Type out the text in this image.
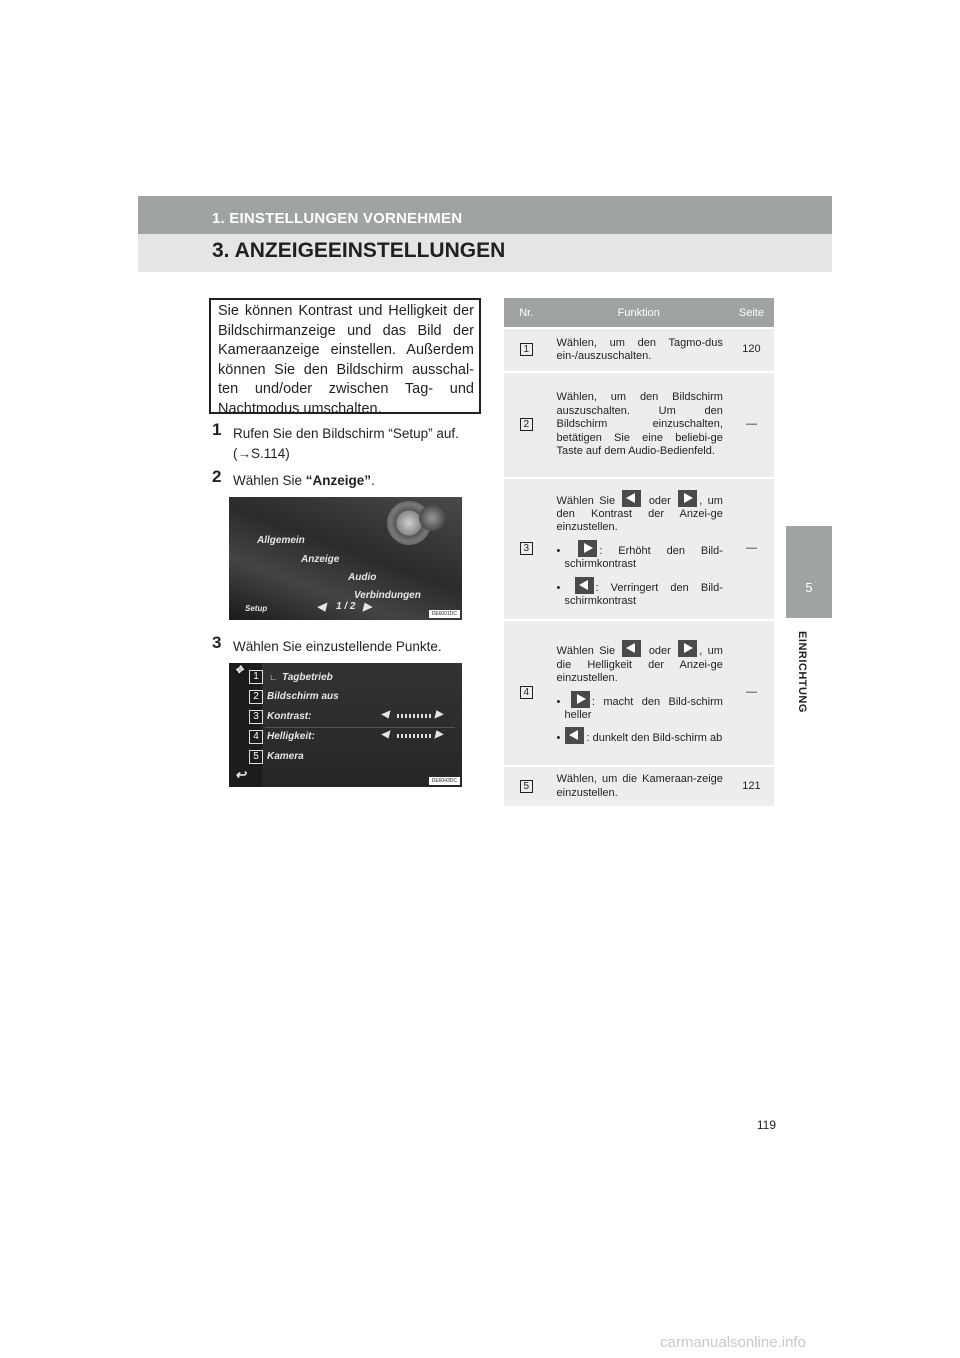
1. EINSTELLUNGEN VORNEHMEN
3. ANZEIGEEINSTELLUNGEN
5
EINRICHTUNG
Sie können Kontrast und Helligkeit der Bildschirmanzeige und das Bild der Kameraanzeige einstellen. Außerdem können Sie den Bildschirm ausschal-ten und/oder zwischen Tag- und Nachtmodus umschalten.
1 Rufen Sie den Bildschirm “Setup” auf.
(→S.114)
2 Wählen Sie “Anzeige”.
Allgemein
Anzeige
Audio
Verbindungen
Setup	◀ 1 / 2 ▶
DE6001DC
3 Wählen Sie einzustellende Punkte.
✥
↩
1
2
3
4
5
∟ Tagbetrieb
Bildschirm aus
Kontrast:
Helligkeit:
Kamera
◀	▶
◀	▶
DE6043DC
Nr.	Funktion	Seite
1	Wählen, um den Tagmo-dus ein-/auszuschalten.	120
2	Wählen, um den Bildschirm auszuschalten. Um den Bildschirm einzuschalten, betätigen Sie eine beliebi-ge Taste auf dem Audio-Bedienfeld.	—
3	Wählen Sie oder , um den Kontrast der Anzei-ge einzustellen.
• : Erhöht den Bild-schirmkontrast
• : Verringert den Bild-schirmkontrast	—
4	Wählen Sie oder , um die Helligkeit der Anzei-ge einzustellen.
• : macht den Bild-schirm heller
• : dunkelt den Bild-schirm ab	—
5	Wählen, um die Kameraan-zeige einzustellen.	121
119
carmanualsonline.info
